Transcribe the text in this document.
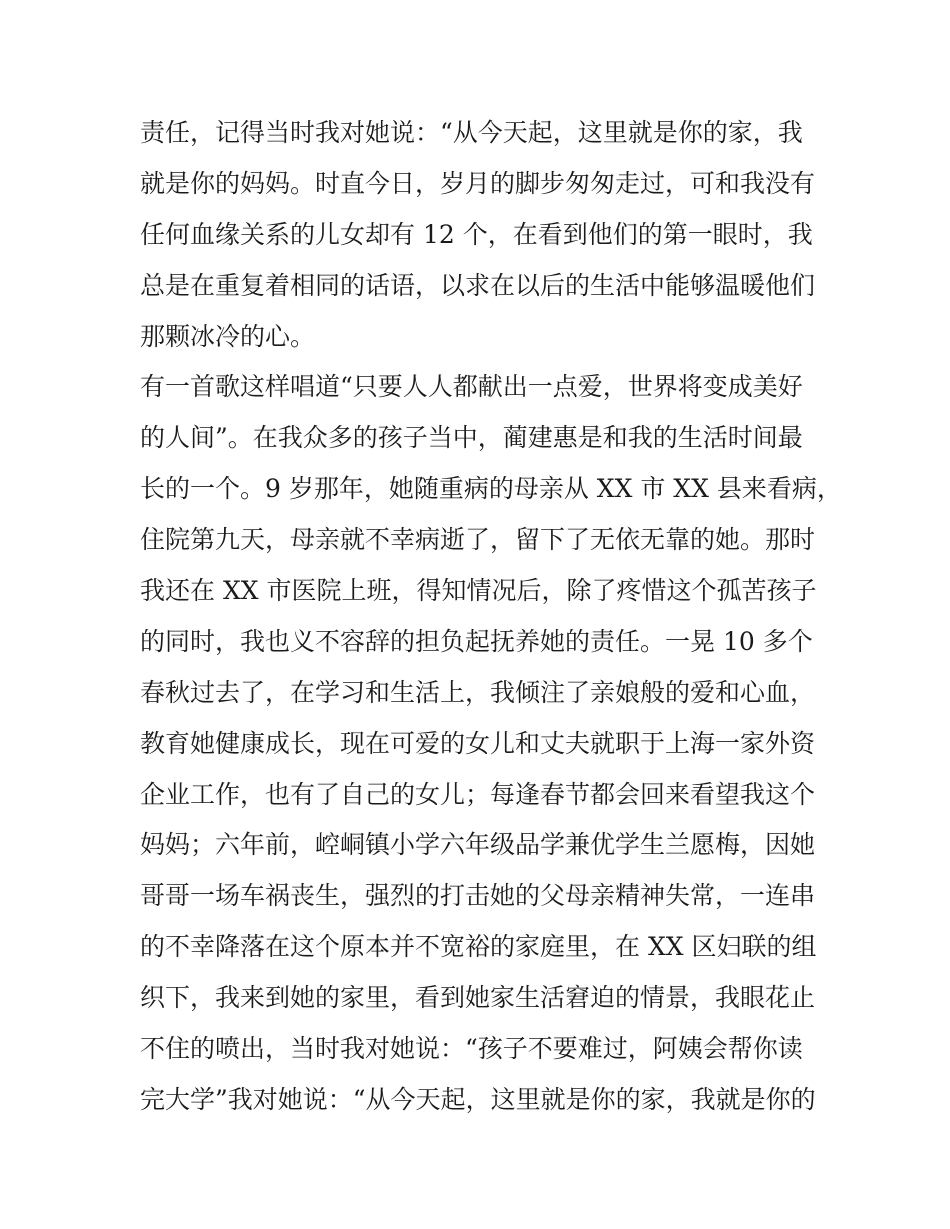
责任，记得当时我对她说：“从今天起，这里就是你的家，我
就是你的妈妈。时直今日，岁月的脚步匆匆走过，可和我没有
任何血缘关系的儿女却有 12 个，在看到他们的第一眼时，我
总是在重复着相同的话语，以求在以后的生活中能够温暖他们
那颗冰冷的心。
有一首歌这样唱道“只要人人都献出一点爱，世界将变成美好
的人间”。在我众多的孩子当中，蔺建惠是和我的生活时间最
长的一个。9 岁那年，她随重病的母亲从 XX 市 XX 县来看病，
住院第九天，母亲就不幸病逝了，留下了无依无靠的她。那时
我还在 XX 市医院上班，得知情况后，除了疼惜这个孤苦孩子
的同时，我也义不容辞的担负起抚养她的责任。一晃 10 多个
春秋过去了，在学习和生活上，我倾注了亲娘般的爱和心血，
教育她健康成长，现在可爱的女儿和丈夫就职于上海一家外资
企业工作，也有了自己的女儿；每逢春节都会回来看望我这个
妈妈；六年前，崆峒镇小学六年级品学兼优学生兰愿梅，因她
哥哥一场车祸丧生，强烈的打击她的父母亲精神失常，一连串
的不幸降落在这个原本并不宽裕的家庭里，在 XX 区妇联的组
织下，我来到她的家里，看到她家生活窘迫的情景，我眼花止
不住的喷出，当时我对她说：“孩子不要难过，阿姨会帮你读
完大学”我对她说：“从今天起，这里就是你的家，我就是你的
